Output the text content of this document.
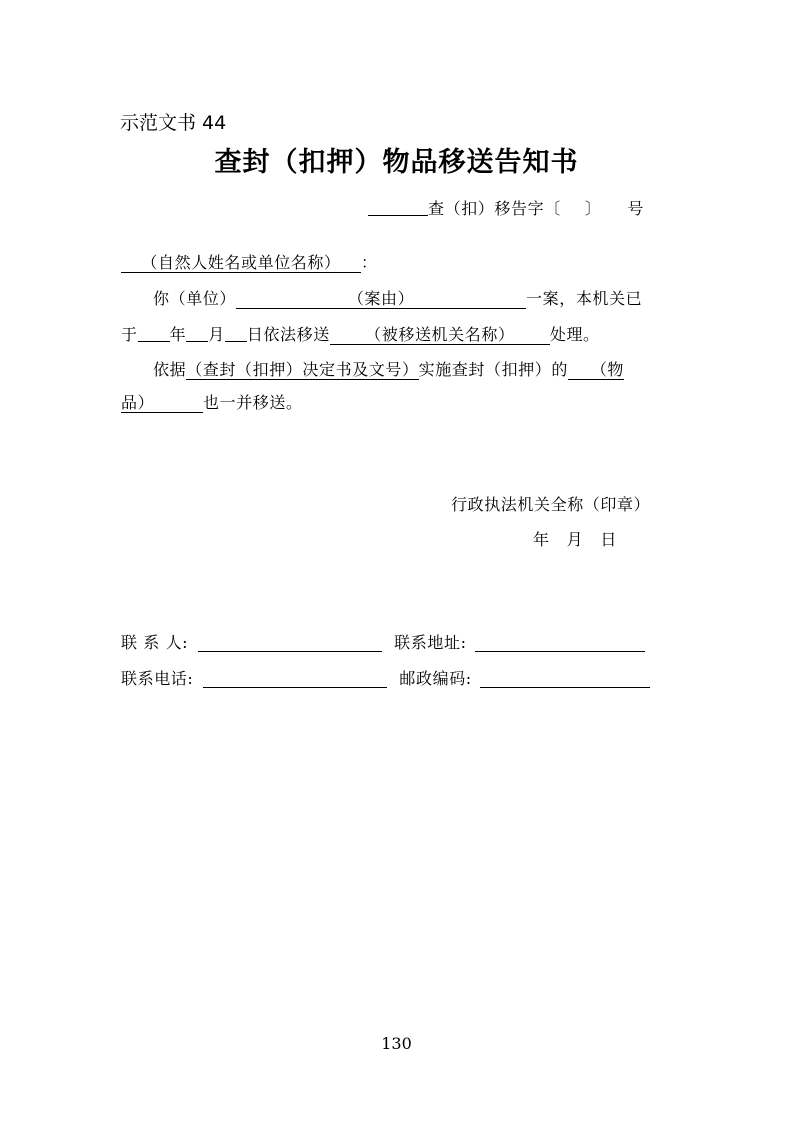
示范文书 44
查封（扣押）物品移送告知书
查（扣）移告字〔 〕 号
（自然人姓名或单位名称） ：
你（单位）	（案由）	一案，本机关已
于 年 月 日依法移送 （被移送机关名称） 处理。
依据（查封（扣押）决定书及文号）实施查封（扣押）的 （物
品）	也一并移送。
行政执法机关全称（印章）
年   月   日
联 系 人:	联系地址:
联系电话:	邮政编码:
130
